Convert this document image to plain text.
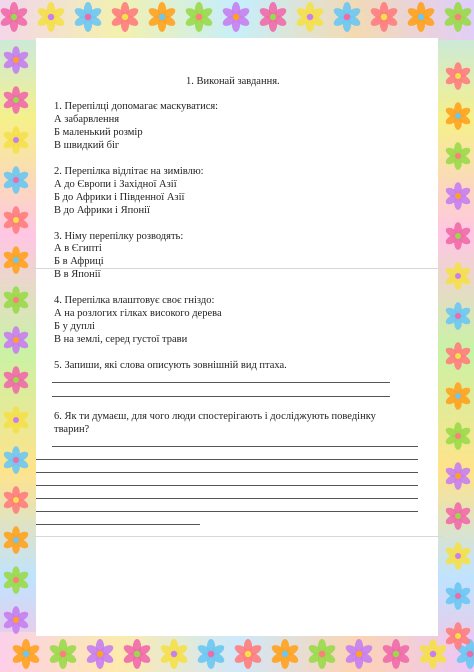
1. Виконай завдання.
1. Перепілці допомагає маскуватися:
А забарвлення
Б маленький розмір
В швидкий біг
2. Перепілка відлітає на зимівлю:
А до Європи і Західної Азії
Б до Африки і Південної Азії
В до Африки і Японії
3. Німу перепілку розводять:
А в Єгипті
Б в Африці
В в Японії
4. Перепілка влаштовує своє гніздо:
А на розлогих гілках високого дерева
Б у дуплі
В на землі, серед густої трави
5. Запиши, які слова описують зовнішній вид птаха.
6. Як ти думаєш, для чого люди спостерігають і досліджують поведінку
тварин?
